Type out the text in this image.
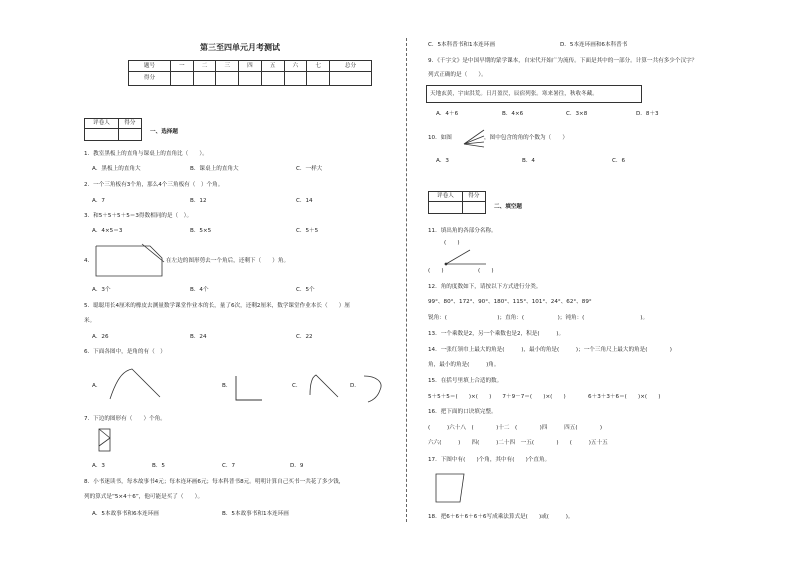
第三至四单元月考测试
题号	一	二	三	四	五	六	七	总分
得分								
评卷人	得分

一、选择题
1．教室黑板上的直角与课桌上的直角比（　　）。
A．黑板上的直角大	B．课桌上的直角大	C．一样大
2．一个三角板有3个角，那么4个三角板有（　）个角。
A．7	B．12	C．14
3．和5＋5＋5＋5＝3得数相同的是（　）。
A．4×5＝3	B．5×5	C．5＋5
4．	在左边的图形剪去一个角后，还剩下（　　）角。
A．3个	B．4个	C．5个
5．聪聪用长4厘米的橡皮去测量数学课堂作业本的长，量了6次，还剩2厘米，数学课堂作业本长（　　）厘
米。
A．26	B．24	C．22
6．下面各图中，是角的有（　）
A．	B．	C．	D．
7．下边的图形有（　　）个角。
A．3	B．5	C．7	D．9
8．小书迷读书，每本故事书4元；每本连环画6元；每本科普书8元。明明计算自己买书一共花了多少钱，
列的算式是“5×4＋6”，他可能是买了（　　）。
A．5本故事书和6本连环画	B．5本故事书和1本连环画
C．5本科普书和1本连环画	D．5本连环画和6本科普书
9．《千字文》是中国早期的蒙学课本，自宋代开始广为流传。下面是其中的一部分。计算一共有多少个汉字？
列式正确的是（　　）。
天地玄黄，宇宙洪荒。日月盈昃，辰宿列张。寒来暑往，秋收冬藏。
A．4＋6	B．4×6	C．3×8	D．8＋3
10．如图	，图中包含的角的个数为（　　）
A．3	B．4	C．6
评卷人	得分

二、填空题
11．填出角的各部分名称。
(　　)
(　　)	(　　)
12．角的度数如下，请按以下方式进行分类。
99°、80°、172°、90°、180°、115°、101°、24°、62°、89°
锐角：(　　　　　　　　　)；直角：(　　　　　　)；钝角：(　　　　　　　　　　)。
13．一个乘数是2，另一个乘数也是2，积是(　　　)。
14．一张红领巾上最大的角是(　　　)，最小的角是(　　　)；一个三角尺上最大的角是(　　　　)
角，最小的角是(　　　)角。
15．在括号里填上合适的数。
5＋5＋5＝(　　)×(　　)　　7＋9－7＝(　　)×(　　)　　　　6＋3＋3＋6＝(　　)×(　　)
16．把下面的口诀填完整。
(　　　)六十八　(　　　　)十二　(　　　　)四　　　四五(　　　　)
六六(　　　)　　四(　　　)二十四　一五(　　　　)　　(　　　)五十五
17．下图中有(　　)个角，其中有(　　)个直角。
18．把6＋6＋6＋6＋6写成乘法算式是(　　)或(　　　)。
